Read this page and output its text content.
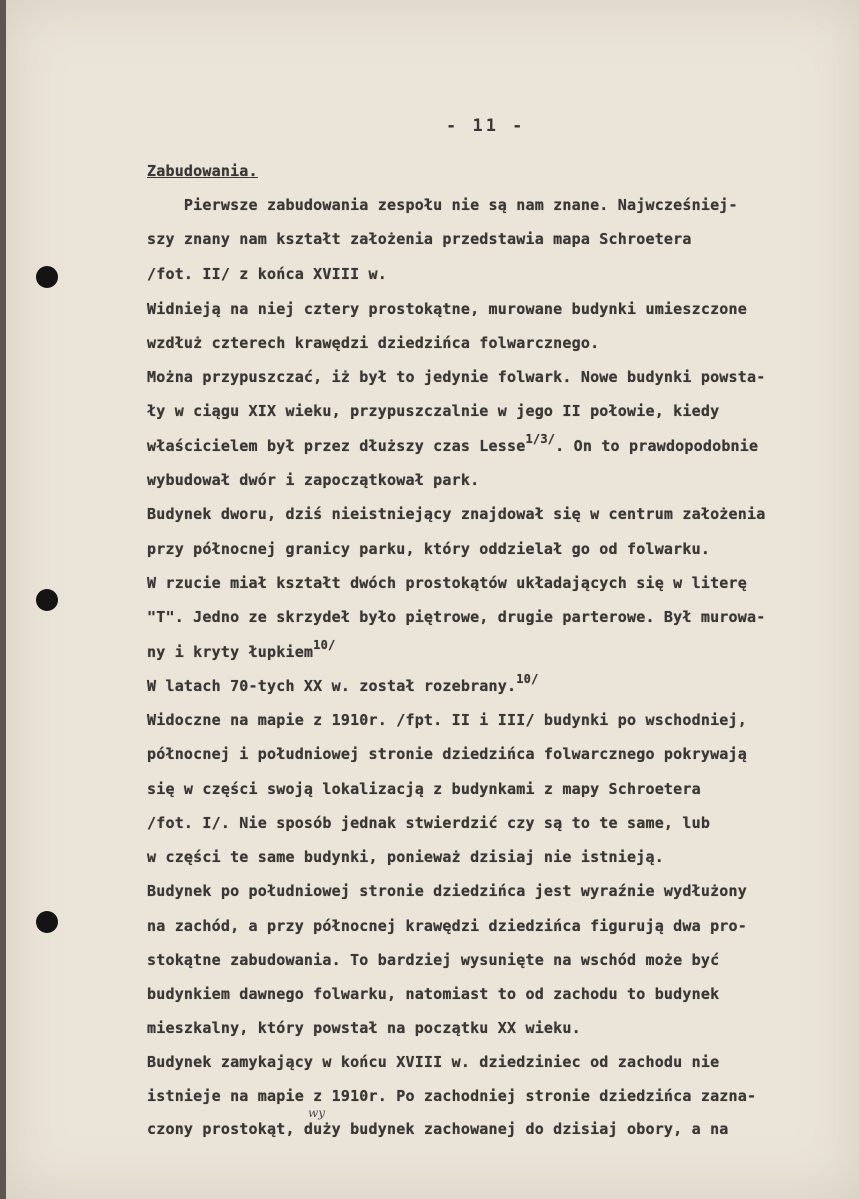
- 11 -

Zabudowania.

Pierwsze zabudowania zespołu nie są nam znane. Najwcześniej-

szy znany nam kształt założenia przedstawia mapa Schroetera

/fot. II/ z końca XVIII w.

Widnieją na niej cztery prostokątne, murowane budynki umieszczone

wzdłuż czterech krawędzi dziedzińca folwarcznego.

Można przypuszczać, iż był to jedynie folwark. Nowe budynki powsta-

ły w ciągu XIX wieku, przypuszczalnie w jego II połowie, kiedy

właścicielem był przez dłuższy czas Lesse$^{1/3/}$. On to prawdopodobnie

wybudował dwór i zapoczątkował park.

Budynek dworu, dziś nieistniejący znajdował się w centrum założenia

przy północnej granicy parku, który oddzielał go od folwarku.

W rzucie miał kształt dwóch prostokątów układających się w literę

"T". Jedno ze skrzydeł było piętrowe, drugie parterowe. Był murowa-

ny i kryty łupkiem$^{10/}$

W latach 70-tych XX w. został rozebrany.$^{10/}$

Widoczne na mapie z 1910r. /fpt. II i III/ budynki po wschodniej,

północnej i południowej stronie dziedzińca folwarcznego pokrywają

się w części swoją lokalizacją z budynkami z mapy Schroetera

/fot. I/. Nie sposób jednak stwierdzić czy są to te same, lub

w części te same budynki, ponieważ dzisiaj nie istnieją.

Budynek po południowej stronie dziedzińca jest wyraźnie wydłużony

na zachód, a przy północnej krawędzi dziedzińca figurują dwa pro-

stokątne zabudowania. To bardziej wysunięte na wschód może być

budynkiem dawnego folwarku, natomiast to od zachodu to budynek

mieszkalny, który powstał na początku XX wieku.

Budynek zamykający w końcu XVIII w. dziedziniec od zachodu nie

istnieje na mapie z 1910r. Po zachodniej stronie dziedzińca zazna-

czony prostokąt, duży budynek zachowanej do dzisiaj obory, a na

wy
